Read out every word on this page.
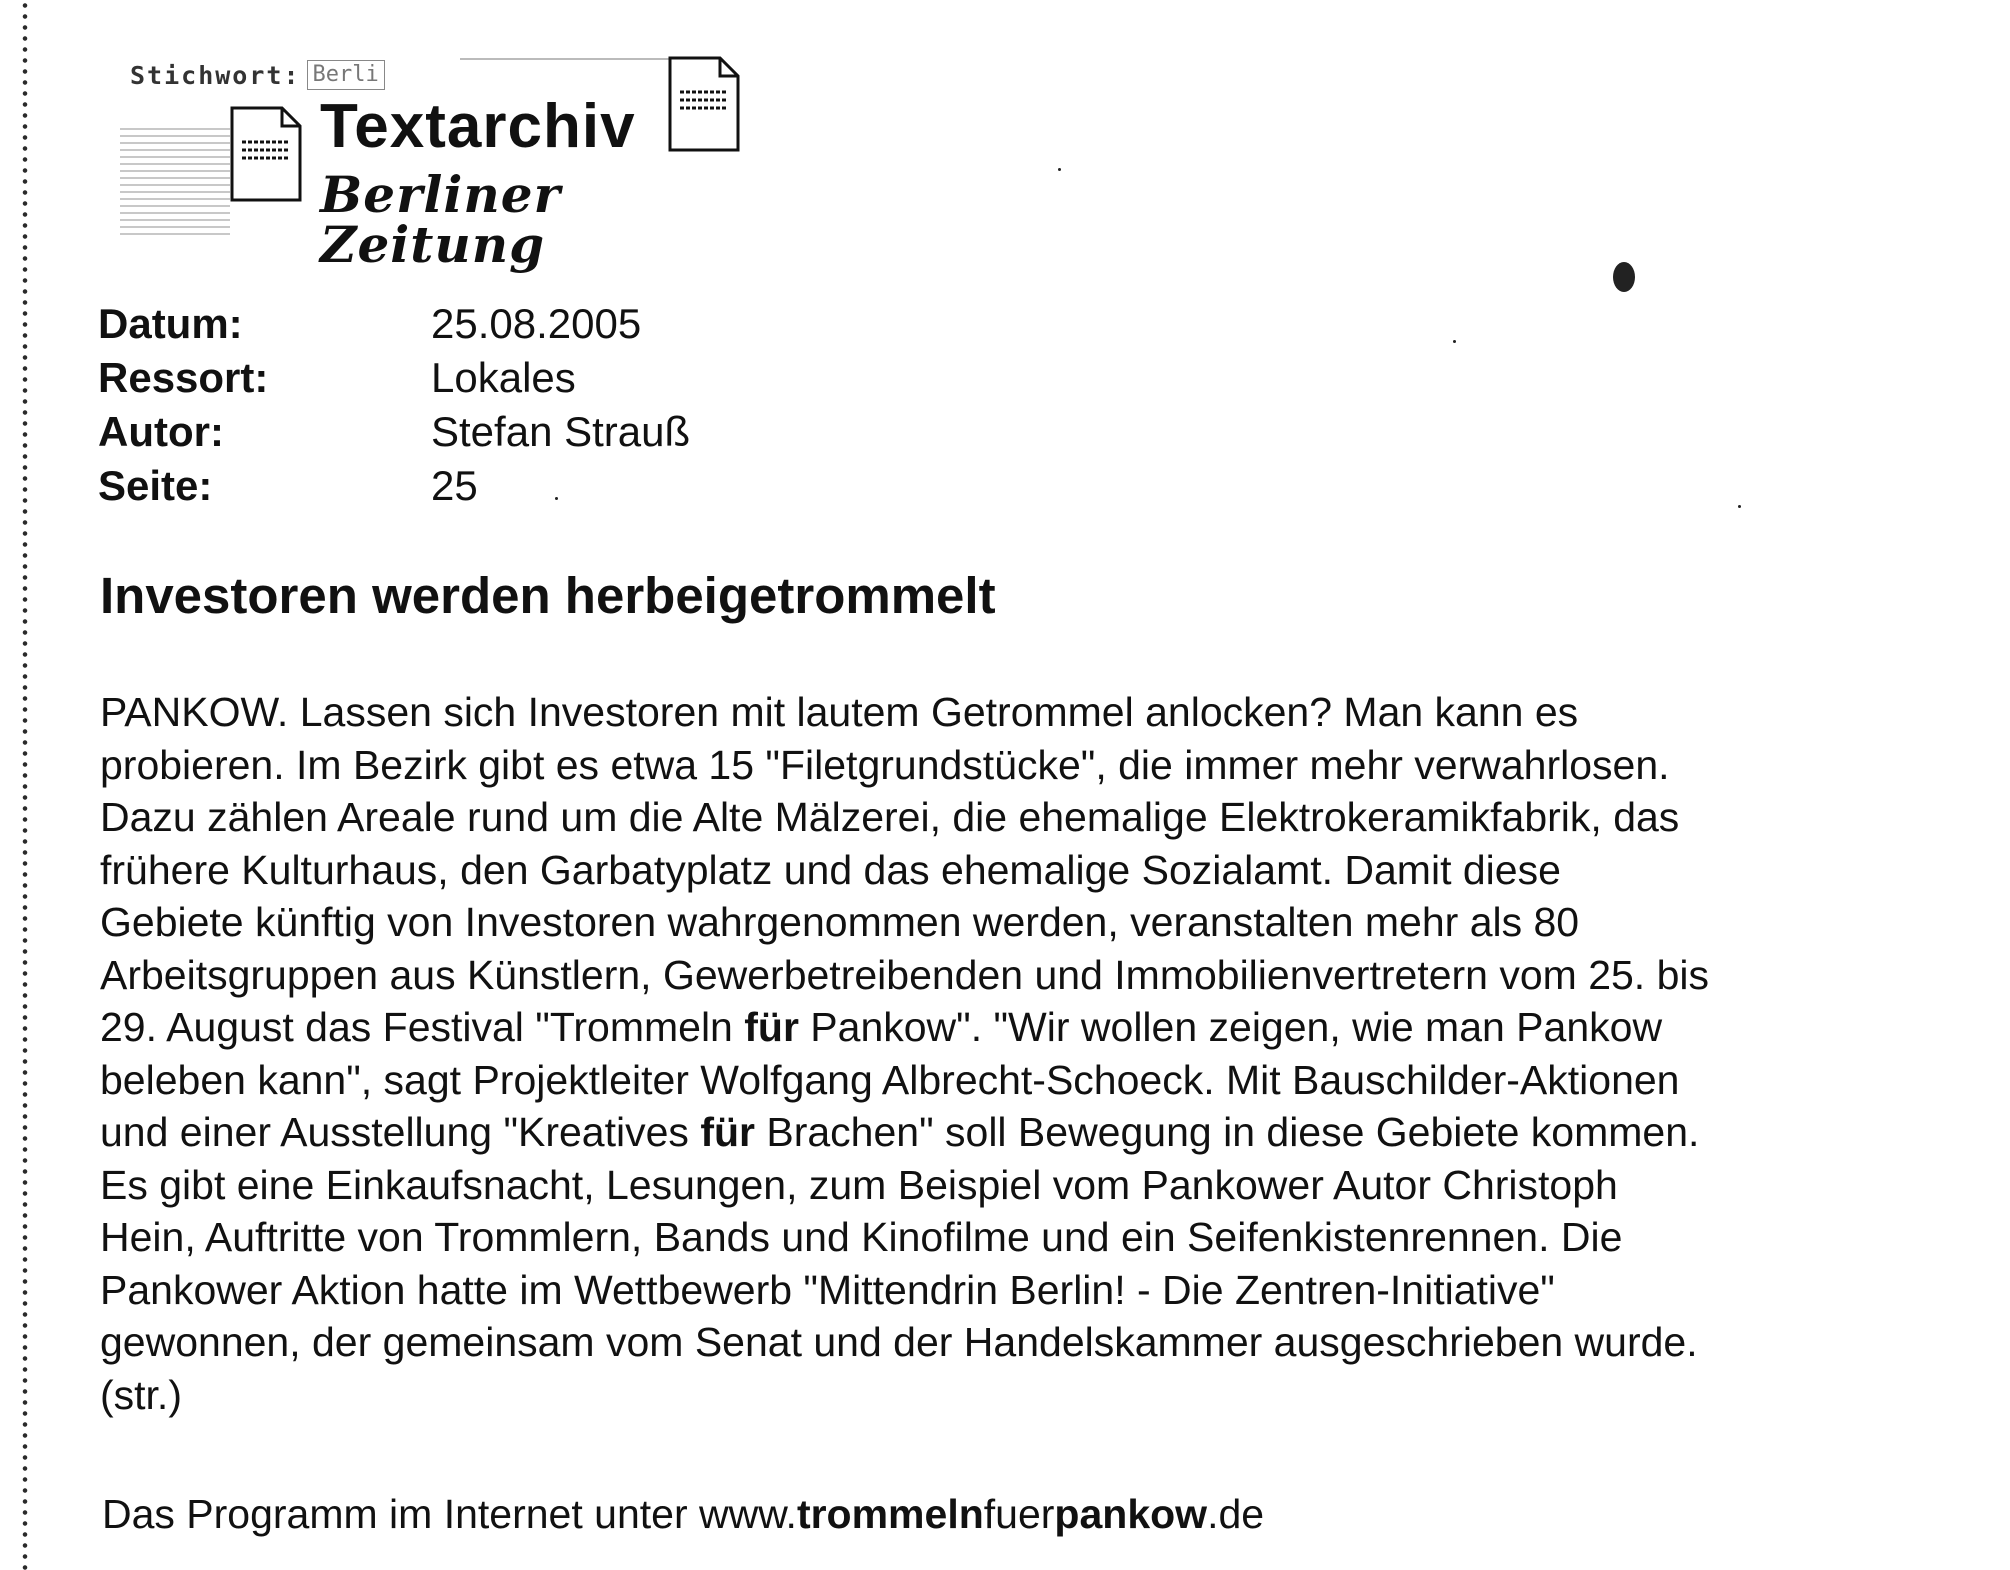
Stichwort: Berli
Textarchiv
Berliner Zeitung
Datum:	25.08.2005
Ressort:	Lokales
Autor:	Stefan Strauß
Seite:	25
Investoren werden herbeigetrommelt
PANKOW. Lassen sich Investoren mit lautem Getrommel anlocken? Man kann es
probieren. Im Bezirk gibt es etwa 15 "Filetgrundstücke", die immer mehr verwahrlosen.
Dazu zählen Areale rund um die Alte Mälzerei, die ehemalige Elektrokeramikfabrik, das
frühere Kulturhaus, den Garbatyplatz und das ehemalige Sozialamt. Damit diese
Gebiete künftig von Investoren wahrgenommen werden, veranstalten mehr als 80
Arbeitsgruppen aus Künstlern, Gewerbetreibenden und Immobilienvertretern vom 25. bis
29. August das Festival "Trommeln für Pankow". "Wir wollen zeigen, wie man Pankow
beleben kann", sagt Projektleiter Wolfgang Albrecht-Schoeck. Mit Bauschilder-Aktionen
und einer Ausstellung "Kreatives für Brachen" soll Bewegung in diese Gebiete kommen.
Es gibt eine Einkaufsnacht, Lesungen, zum Beispiel vom Pankower Autor Christoph
Hein, Auftritte von Trommlern, Bands und Kinofilme und ein Seifenkistenrennen. Die
Pankower Aktion hatte im Wettbewerb "Mittendrin Berlin! - Die Zentren-Initiative"
gewonnen, der gemeinsam vom Senat und der Handelskammer ausgeschrieben wurde.
(str.)
Das Programm im Internet unter www.trommelnfuerpankow.de
